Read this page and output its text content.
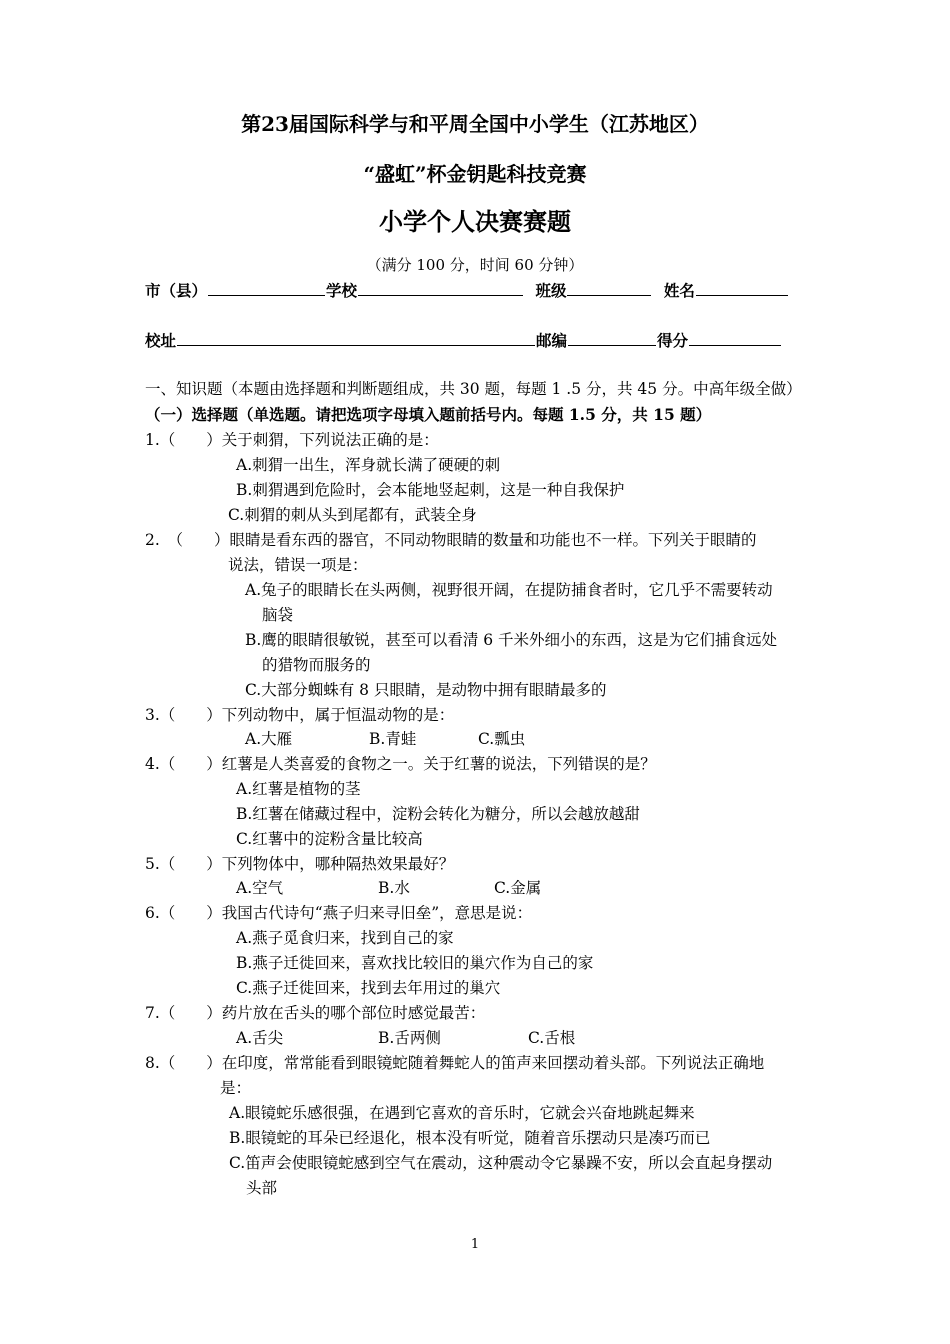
第23届国际科学与和平周全国中小学生（江苏地区）
“盛虹”杯金钥匙科技竞赛
小学个人决赛赛题
（满分 100 分，时间 60 分钟）
市（县）	学校	班级	姓名
校址	邮编	得分
一、知识题（本题由选择题和判断题组成，共 30 题，每题 1 .5 分，共 45 分。中高年级全做）
（一）选择题（单选题。请把选项字母填入题前括号内。每题 1.5 分，共 15 题）
1.（　　）关于刺猬，下列说法正确的是：
A.刺猬一出生，浑身就长满了硬硬的刺
B.刺猬遇到危险时，会本能地竖起刺，这是一种自我保护
C.刺猬的刺从头到尾都有，武装全身
2.　（　　）眼睛是看东西的器官，不同动物眼睛的数量和功能也不一样。下列关于眼睛的
说法，错误一项是：
A.兔子的眼睛长在头两侧，视野很开阔，在提防捕食者时，它几乎不需要转动
脑袋
B.鹰的眼睛很敏锐，甚至可以看清 6 千米外细小的东西，这是为它们捕食远处
的猎物而服务的
C.大部分蜘蛛有 8 只眼睛，是动物中拥有眼睛最多的
3.（　　）下列动物中，属于恒温动物的是：
A.大雁	B.青蛙	C.瓢虫
4.（　　）红薯是人类喜爱的食物之一。关于红薯的说法，下列错误的是？
A.红薯是植物的茎
B.红薯在储藏过程中，淀粉会转化为糖分，所以会越放越甜
C.红薯中的淀粉含量比较高
5.（　　）下列物体中，哪种隔热效果最好？
A.空气	B.水	C.金属
6.（　　）我国古代诗句“燕子归来寻旧垒”，意思是说：
A.燕子觅食归来，找到自己的家
B.燕子迁徙回来，喜欢找比较旧的巢穴作为自己的家
C.燕子迁徙回来，找到去年用过的巢穴
7.（　　）药片放在舌头的哪个部位时感觉最苦：
A.舌尖	B.舌两侧	C.舌根
8.（　　）在印度，常常能看到眼镜蛇随着舞蛇人的笛声来回摆动着头部。下列说法正确地
是：
A.眼镜蛇乐感很强，在遇到它喜欢的音乐时，它就会兴奋地跳起舞来
B.眼镜蛇的耳朵已经退化，根本没有听觉，随着音乐摆动只是凑巧而已
C.笛声会使眼镜蛇感到空气在震动，这种震动令它暴躁不安，所以会直起身摆动
头部
1
